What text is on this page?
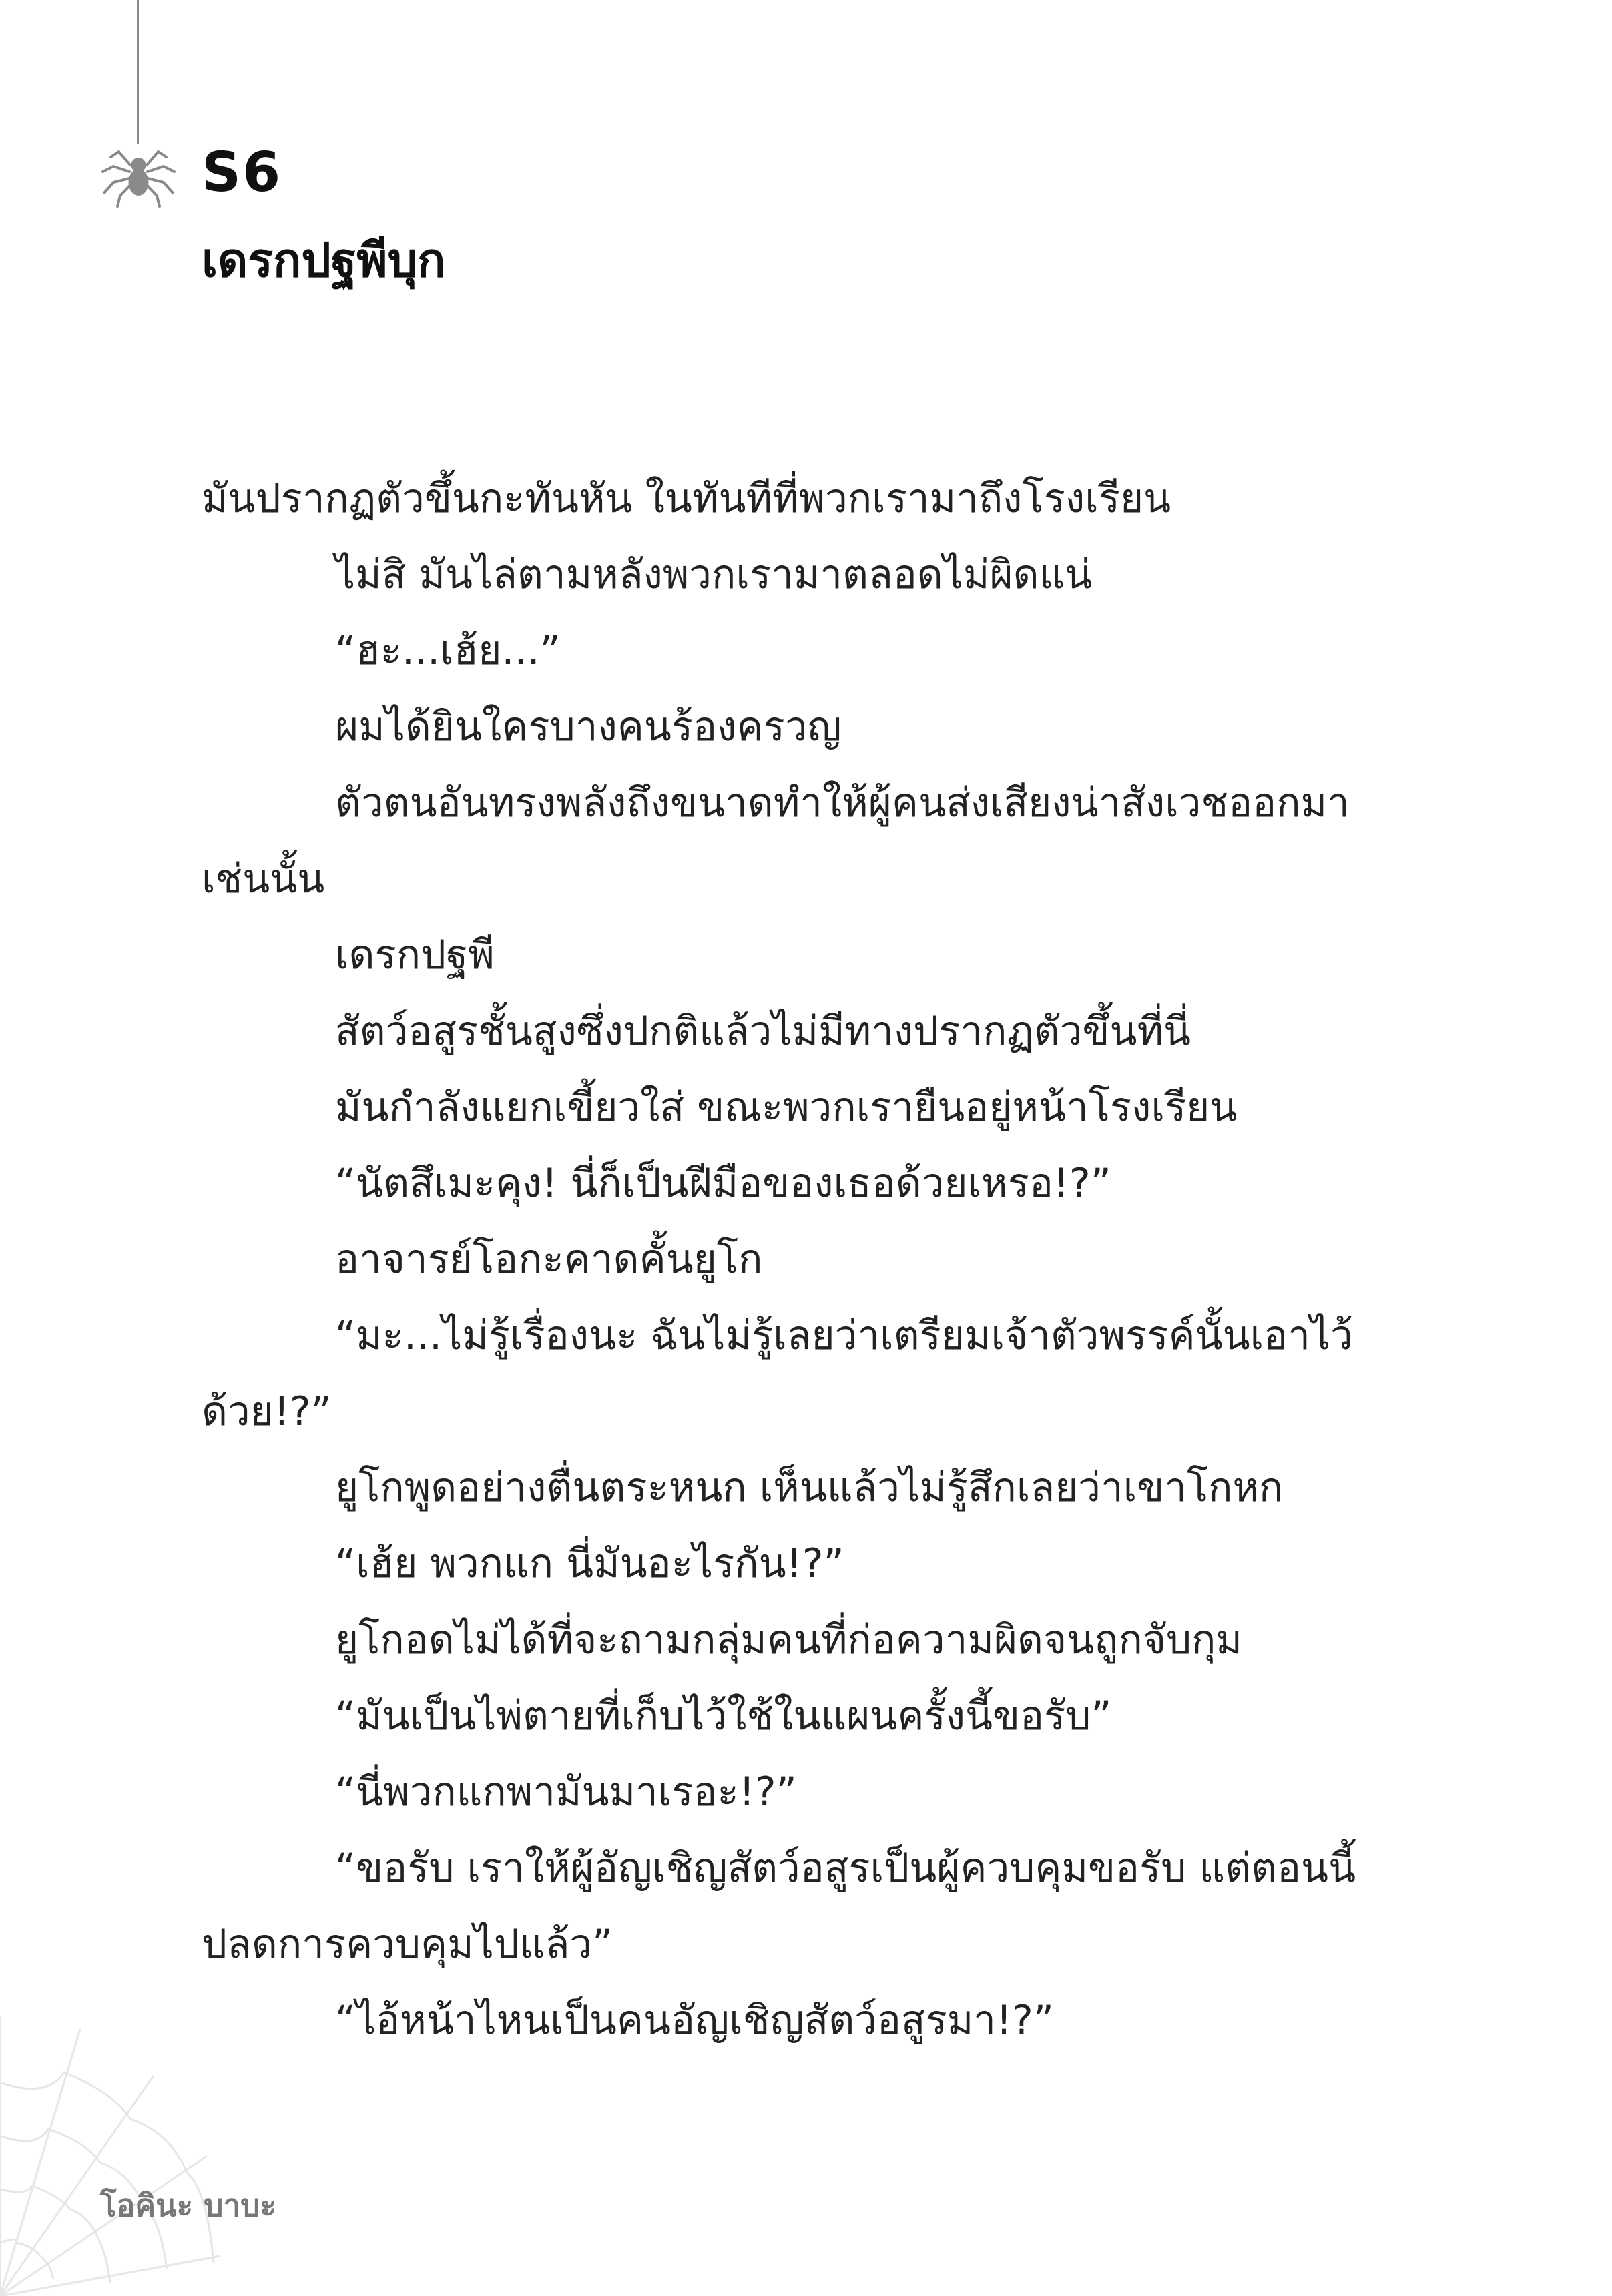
S6
เดรกปฐพีบุก
มันปรากฏตัวขึ้นกะทันหัน ในทันทีที่พวกเรามาถึงโรงเรียน
ไม่สิ มันไล่ตามหลังพวกเรามาตลอดไม่ผิดแน่
“ฮะ...เฮ้ย...”
ผมได้ยินใครบางคนร้องครวญ
ตัวตนอันทรงพลังถึงขนาดทำให้ผู้คนส่งเสียงน่าสังเวชออกมา
เช่นนั้น
เดรกปฐพี
สัตว์อสูรชั้นสูงซึ่งปกติแล้วไม่มีทางปรากฏตัวขึ้นที่นี่
มันกำลังแยกเขี้ยวใส่ ขณะพวกเรายืนอยู่หน้าโรงเรียน
“นัตสึเมะคุง! นี่ก็เป็นฝีมือของเธอด้วยเหรอ!?”
อาจารย์โอกะคาดคั้นยูโก
“มะ...ไม่รู้เรื่องนะ ฉันไม่รู้เลยว่าเตรียมเจ้าตัวพรรค์นั้นเอาไว้
ด้วย!?”
ยูโกพูดอย่างตื่นตระหนก เห็นแล้วไม่รู้สึกเลยว่าเขาโกหก
“เฮ้ย พวกแก นี่มันอะไรกัน!?”
ยูโกอดไม่ได้ที่จะถามกลุ่มคนที่ก่อความผิดจนถูกจับกุม
“มันเป็นไพ่ตายที่เก็บไว้ใช้ในแผนครั้งนี้ขอรับ”
“นี่พวกแกพามันมาเรอะ!?”
“ขอรับ เราให้ผู้อัญเชิญสัตว์อสูรเป็นผู้ควบคุมขอรับ แต่ตอนนี้
ปลดการควบคุมไปแล้ว”
“ไอ้หน้าไหนเป็นคนอัญเชิญสัตว์อสูรมา!?”
โอคินะ บาบะ
